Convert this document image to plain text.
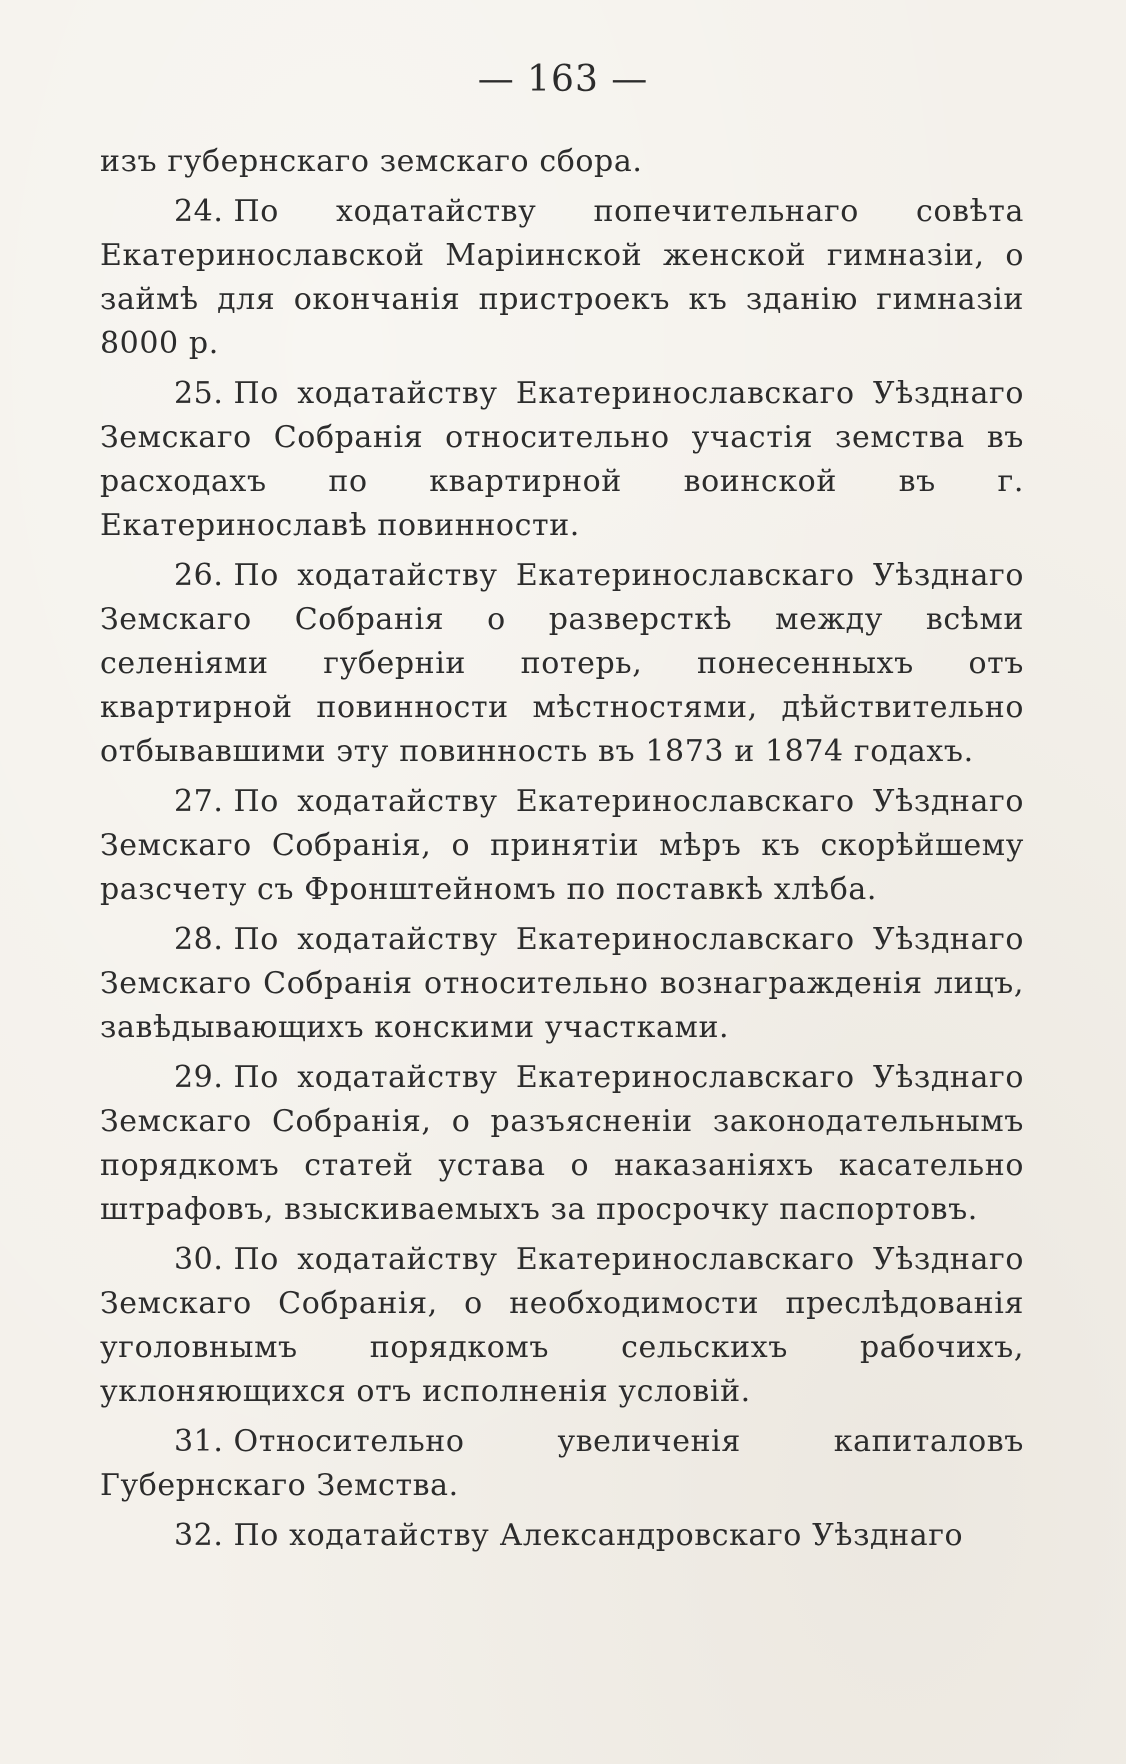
— 163 —

изъ губернскаго земскаго сбора.

24. По ходатайству попечительнаго совѣта Екатеринославской Маріинской женской гимназіи, о займѣ для окончанія пристроекъ къ зданію гимназіи 8000 р.

25. По ходатайству Екатеринославскаго Уѣзднаго Земскаго Собранія относительно участія земства въ расходахъ по квартирной воинской въ г. Екатеринославѣ повинности.

26. По ходатайству Екатеринославскаго Уѣзднаго Земскаго Собранія о разверсткѣ между всѣми селеніями губерніи потерь, понесенныхъ отъ квартирной повинности мѣстностями, дѣйствительно отбывавшими эту повинность въ 1873 и 1874 годахъ.

27. По ходатайству Екатеринославскаго Уѣзднаго Земскаго Собранія, о принятіи мѣръ къ скорѣйшему разсчету съ Фронштейномъ по поставкѣ хлѣба.

28. По ходатайству Екатеринославскаго Уѣзднаго Земскаго Собранія относительно вознагражденія лицъ, завѣдывающихъ конскими участками.

29. По ходатайству Екатеринославскаго Уѣзднаго Земскаго Собранія, о разъясненіи законодательнымъ порядкомъ статей устава о наказаніяхъ касательно штрафовъ, взыскиваемыхъ за просрочку паспортовъ.

30. По ходатайству Екатеринославскаго Уѣзднаго Земскаго Собранія, о необходимости преслѣдованія уголовнымъ порядкомъ сельскихъ рабочихъ, уклоняющихся отъ исполненія условій.

31. Относительно увеличенія капиталовъ Губернскаго Земства.

32. По ходатайству Александровскаго Уѣзднаго
